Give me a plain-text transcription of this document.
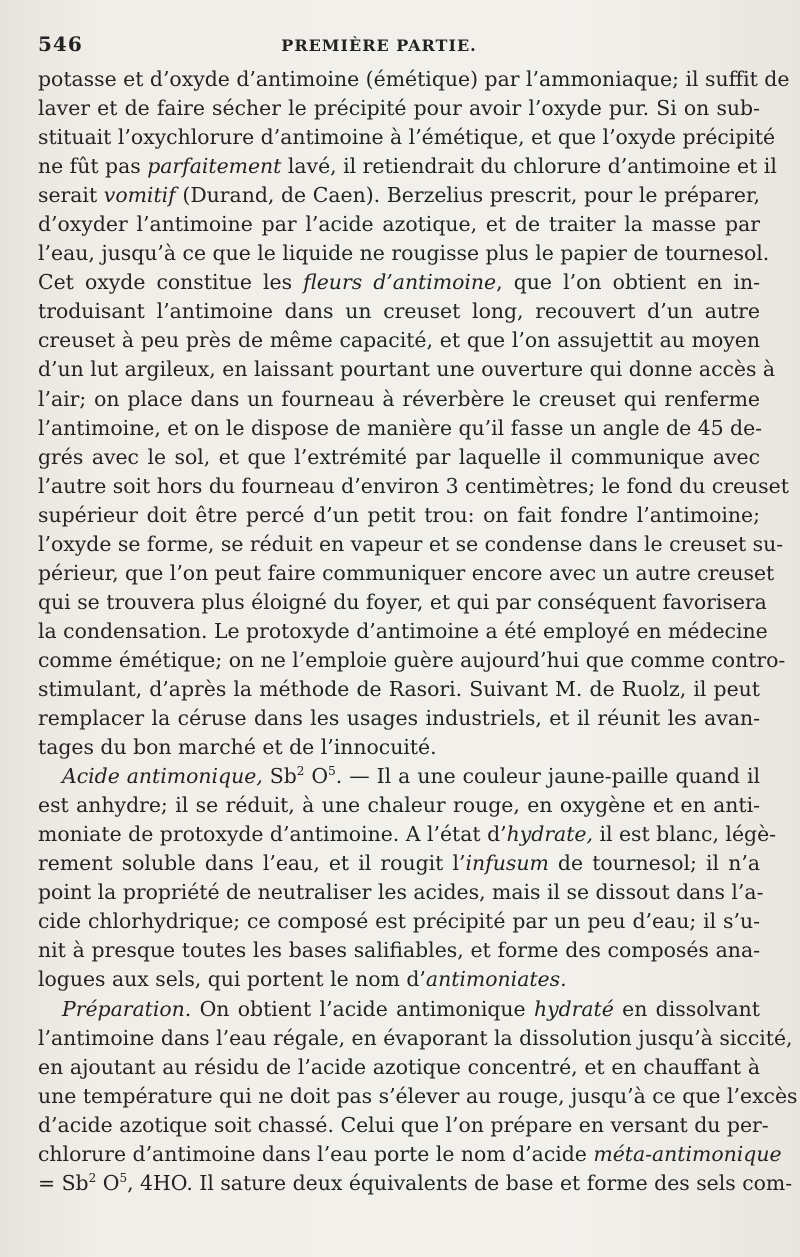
546	PREMIÈRE PARTIE.
potasse et d’oxyde d’antimoine (émétique) par l’ammoniaque; il suffit de
laver et de faire sécher le précipité pour avoir l’oxyde pur. Si on sub-
stituait l’oxychlorure d’antimoine à l’émétique, et que l’oxyde précipité
ne fût pas parfaitement lavé, il retiendrait du chlorure d’antimoine et il
serait vomitif (Durand, de Caen). Berzelius prescrit, pour le préparer,
d’oxyder l’antimoine par l’acide azotique, et de traiter la masse par
l’eau, jusqu’à ce que le liquide ne rougisse plus le papier de tournesol.
Cet oxyde constitue les fleurs d’antimoine, que l’on obtient en in-
troduisant l’antimoine dans un creuset long, recouvert d’un autre
creuset à peu près de même capacité, et que l’on assujettit au moyen
d’un lut argileux, en laissant pourtant une ouverture qui donne accès à
l’air; on place dans un fourneau à réverbère le creuset qui renferme
l’antimoine, et on le dispose de manière qu’il fasse un angle de 45 de-
grés avec le sol, et que l’extrémité par laquelle il communique avec
l’autre soit hors du fourneau d’environ 3 centimètres; le fond du creuset
supérieur doit être percé d’un petit trou: on fait fondre l’antimoine;
l’oxyde se forme, se réduit en vapeur et se condense dans le creuset su-
périeur, que l’on peut faire communiquer encore avec un autre creuset
qui se trouvera plus éloigné du foyer, et qui par conséquent favorisera
la condensation. Le protoxyde d’antimoine a été employé en médecine
comme émétique; on ne l’emploie guère aujourd’hui que comme contro-
stimulant, d’après la méthode de Rasori. Suivant M. de Ruolz, il peut
remplacer la céruse dans les usages industriels, et il réunit les avan-
tages du bon marché et de l’innocuité.
Acide antimonique, Sb$^2$ $O^5$. — Il a une couleur jaune-paille quand il
est anhydre; il se réduit, à une chaleur rouge, en oxygène et en anti-
moniate de protoxyde d’antimoine. A l’état d’hydrate, il est blanc, légè-
rement soluble dans l’eau, et il rougit l’infusum de tournesol; il n’a
point la propriété de neutraliser les acides, mais il se dissout dans l’a-
cide chlorhydrique; ce composé est précipité par un peu d’eau; il s’u-
nit à presque toutes les bases salifiables, et forme des composés ana-
logues aux sels, qui portent le nom d’antimoniates.
Préparation. On obtient l’acide antimonique hydraté en dissolvant
l’antimoine dans l’eau régale, en évaporant la dissolution jusqu’à siccité,
en ajoutant au résidu de l’acide azotique concentré, et en chauffant à
une température qui ne doit pas s’élever au rouge, jusqu’à ce que l’excès
d’acide azotique soit chassé. Celui que l’on prépare en versant du per-
chlorure d’antimoine dans l’eau porte le nom d’acide méta-antimonique
= $Sb^2$ $O^5$, 4HO. Il sature deux équivalents de base et forme des sels com-
